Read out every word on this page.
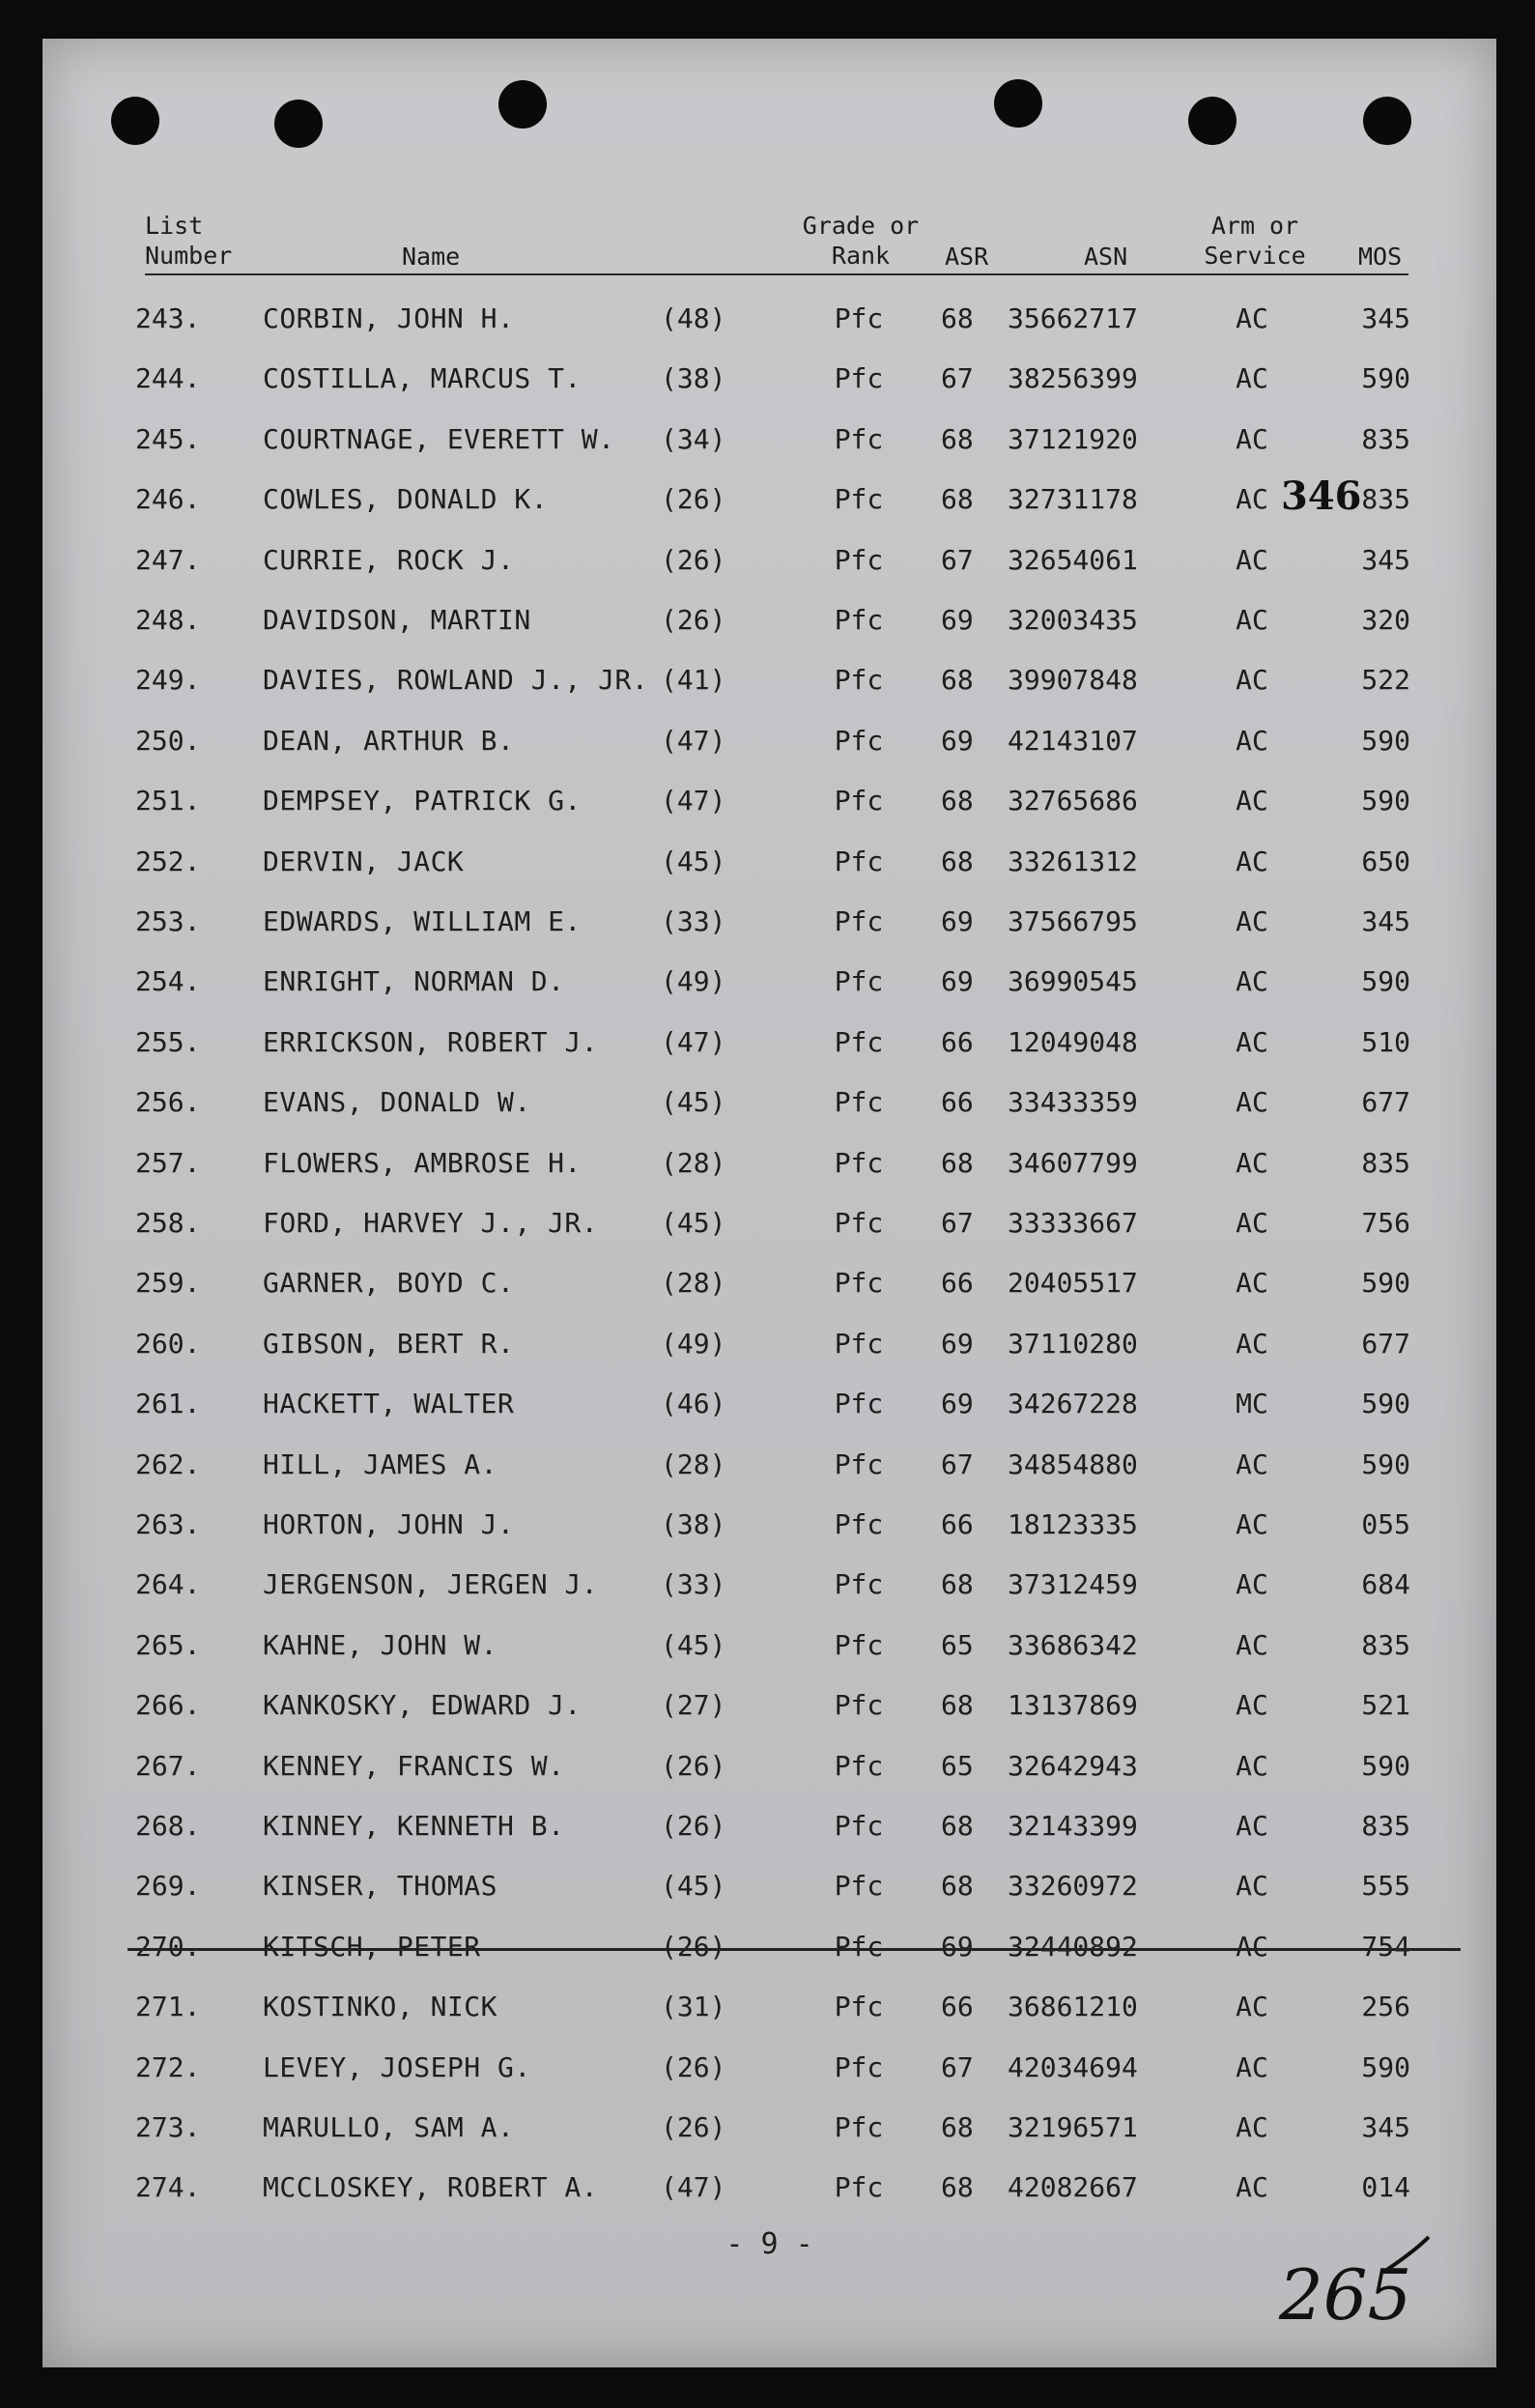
List
Number	Name
Grade or
Rank	ASR	ASN
Arm or
Service	MOS
243. CORBIN, JOHN H.	(48)	Pfc	68 35662717	AC	345
244. COSTILLA, MARCUS T.	(38)	Pfc	67 38256399	AC	590
245. COURTNAGE, EVERETT W. (34)	Pfc	68 37121920	AC	835
246. COWLES, DONALD K.	(26)	Pfc	68 32731178	AC	835
247. CURRIE, ROCK J.	(26)	Pfc	67 32654061	AC	345
248. DAVIDSON, MARTIN	(26)	Pfc	69 32003435	AC	320
249. DAVIES, ROWLAND J., JR. (41)	Pfc	68 39907848	AC	522
250. DEAN, ARTHUR B.	(47)	Pfc	69 42143107	AC	590
251. DEMPSEY, PATRICK G.	(47)	Pfc	68 32765686	AC	590
252. DERVIN, JACK	(45)	Pfc	68 33261312	AC	650
253. EDWARDS, WILLIAM E.	(33)	Pfc	69 37566795	AC	345
254. ENRIGHT, NORMAN D.	(49)	Pfc	69 36990545	AC	590
255. ERRICKSON, ROBERT J. (47)	Pfc	66 12049048	AC	510
256. EVANS, DONALD W.	(45)	Pfc	66 33433359	AC	677
257. FLOWERS, AMBROSE H.	(28)	Pfc	68 34607799	AC	835
258. FORD, HARVEY J., JR. (45)	Pfc	67 33333667	AC	756
259. GARNER, BOYD C.	(28)	Pfc	66 20405517	AC	590
260. GIBSON, BERT R.	(49)	Pfc	69 37110280	AC	677
261. HACKETT, WALTER	(46)	Pfc	69 34267228	MC	590
262. HILL, JAMES A.	(28)	Pfc	67 34854880	AC	590
263. HORTON, JOHN J.	(38)	Pfc	66 18123335	AC	055
264. JERGENSON, JERGEN J. (33)	Pfc	68 37312459	AC	684
265. KAHNE, JOHN W.	(45)	Pfc	65 33686342	AC	835
266. KANKOSKY, EDWARD J.	(27)	Pfc	68 13137869	AC	521
267. KENNEY, FRANCIS W.	(26)	Pfc	65 32642943	AC	590
268. KINNEY, KENNETH B.	(26)	Pfc	68 32143399	AC	835
269. KINSER, THOMAS	(45)	Pfc	68 33260972	AC	555
270. KITSCH, PETER	(26)	Pfc	69 32440892	AC	754
271. KOSTINKO, NICK	(31)	Pfc	66 36861210	AC	256
272. LEVEY, JOSEPH G.	(26)	Pfc	67 42034694	AC	590
273. MARULLO, SAM A.	(26)	Pfc	68 32196571	AC	345
274. MCCLOSKEY, ROBERT A. (47)	Pfc	68 42082667	AC	014
346
- 9 -
265
